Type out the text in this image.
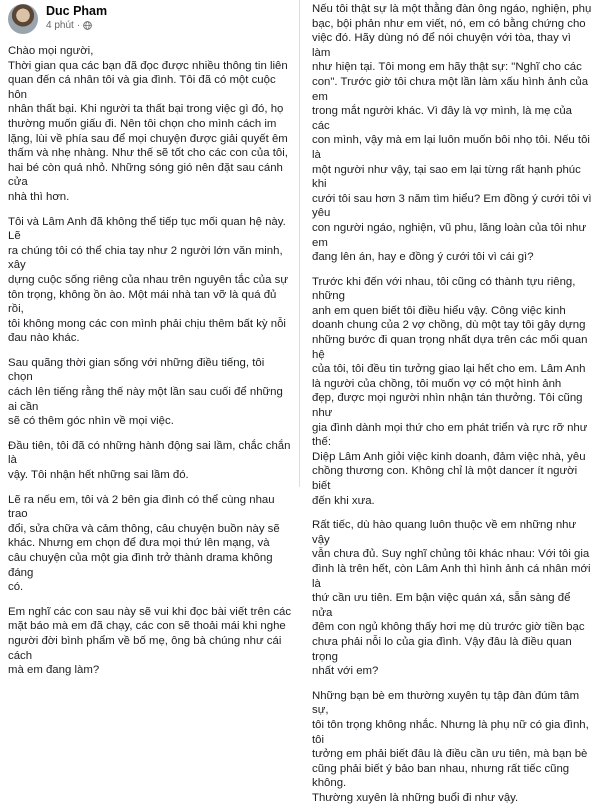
Duc Pham
4 phút ·

Chào mọi người,

Thời gian qua các bạn đã đọc được nhiều thông tin liên
quan đến cá nhân tôi và gia đình. Tôi đã có một cuộc hôn
nhân thất bại. Khi người ta thất bại trong việc gì đó, họ
thường muốn giấu đi. Nên tôi chọn cho mình cách im
lặng, lùi về phía sau để mọi chuyện được giải quyết êm
thấm và nhẹ nhàng. Như thế sẽ tốt cho các con của tôi,
hai bé còn quá nhỏ. Những sóng gió nên đặt sau cánh cửa
nhà thì hơn.

Tôi và Lâm Anh đã không thể tiếp tục mối quan hệ này. Lẽ
ra chúng tôi có thể chia tay như 2 người lớn văn minh, xây
dựng cuộc sống riêng của nhau trên nguyên tắc của sự
tôn trọng, không ồn ào. Một mái nhà tan vỡ là quá đủ rồi,
tôi không mong các con mình phải chịu thêm bất kỳ nỗi
đau nào khác.

Sau quãng thời gian sống với những điều tiếng, tôi chọn
cách lên tiếng rằng thế này một lần sau cuối để những ai cần
sẽ có thêm góc nhìn về mọi việc.

Đầu tiên, tôi đã có những hành động sai lầm, chắc chắn là
vậy. Tôi nhận hết những sai lầm đó.

Lẽ ra nếu em, tôi và 2 bên gia đình có thể cùng nhau trao
đổi, sửa chữa và cảm thông, câu chuyện buồn này sẽ
khác. Nhưng em chọn để đưa mọi thứ lên mạng, và
câu chuyện của một gia đình trở thành drama không đáng
có.

Em nghĩ các con sau này sẽ vui khi đọc bài viết trên các
mặt báo mà em đã chạy, các con sẽ thoải mái khi nghe
người đời bình phẩm về bố mẹ, ông bà chúng như cái cách
mà em đang làm?

Nếu tôi thật sự là một thằng đàn ông ngáo, nghiện, phụ
bạc, bội phản như em viết, nó, em có bằng chứng cho
việc đó. Hãy dùng nó để nói chuyện với tòa, thay vì làm
như hiện tại. Tôi mong em hãy thật sự: "Nghĩ cho các
con". Trước giờ tôi chưa một lần làm xấu hình ảnh của em
trong mắt người khác. Vì đây là vợ mình, là mẹ của các
con mình, vậy mà em lại luôn muốn bôi nhọ tôi. Nếu tôi là
một người như vậy, tại sao em lại từng rất hạnh phúc khi
cưới tôi sau hơn 3 năm tìm hiểu? Em đồng ý cưới tôi vì yêu
con người ngáo, nghiện, vũ phu, lăng loàn của tôi như em
đang lên án, hay e đồng ý cưới tôi vì cái gì?

Trước khi đến với nhau, tôi cũng có thành tựu riêng, những
anh em quen biết tôi điều hiểu vậy. Công việc kinh
doanh chung của 2 vợ chồng, dù một tay tôi gây dựng
những bước đi quan trọng nhất dựa trên các mối quan hệ
của tôi, tôi đều tin tưởng giao lại hết cho em. Lâm Anh
là người của chồng, tôi muốn vợ có một hình ảnh
đẹp, được mọi người nhìn nhận tán thưởng. Tôi cũng như
gia đình dành mọi thứ cho em phát triển và rực rỡ như thế:
Diệp Lâm Anh giỏi việc kinh doanh, đảm việc nhà, yêu
chồng thương con. Không chỉ là một dancer ít người biết
đến khi xưa.

Rất tiếc, dù hào quang luôn thuộc về em những như vậy
vẫn chưa đủ. Suy nghĩ chủng tôi khác nhau: Với tôi gia
đình là trên hết, còn Lâm Anh thì hình ảnh cá nhân mới là
thứ cần ưu tiên. Em bận việc quán xá, sẵn sàng để nửa
đêm con ngủ không thấy hơi mẹ dù trước giờ tiền bạc
chưa phải nỗi lo của gia đình. Vậy đâu là điều quan trọng
nhất với em?

Những bạn bè em thường xuyên tụ tập đàn đúm tâm sự,
tôi tôn trọng không nhắc. Nhưng là phụ nữ có gia đình, tôi
tưởng em phải biết đâu là điều cần ưu tiên, mà bạn bè
cũng phải biết ý bảo ban nhau, nhưng rất tiếc cũng không.
Thường xuyên là những buổi đi như vậy.
